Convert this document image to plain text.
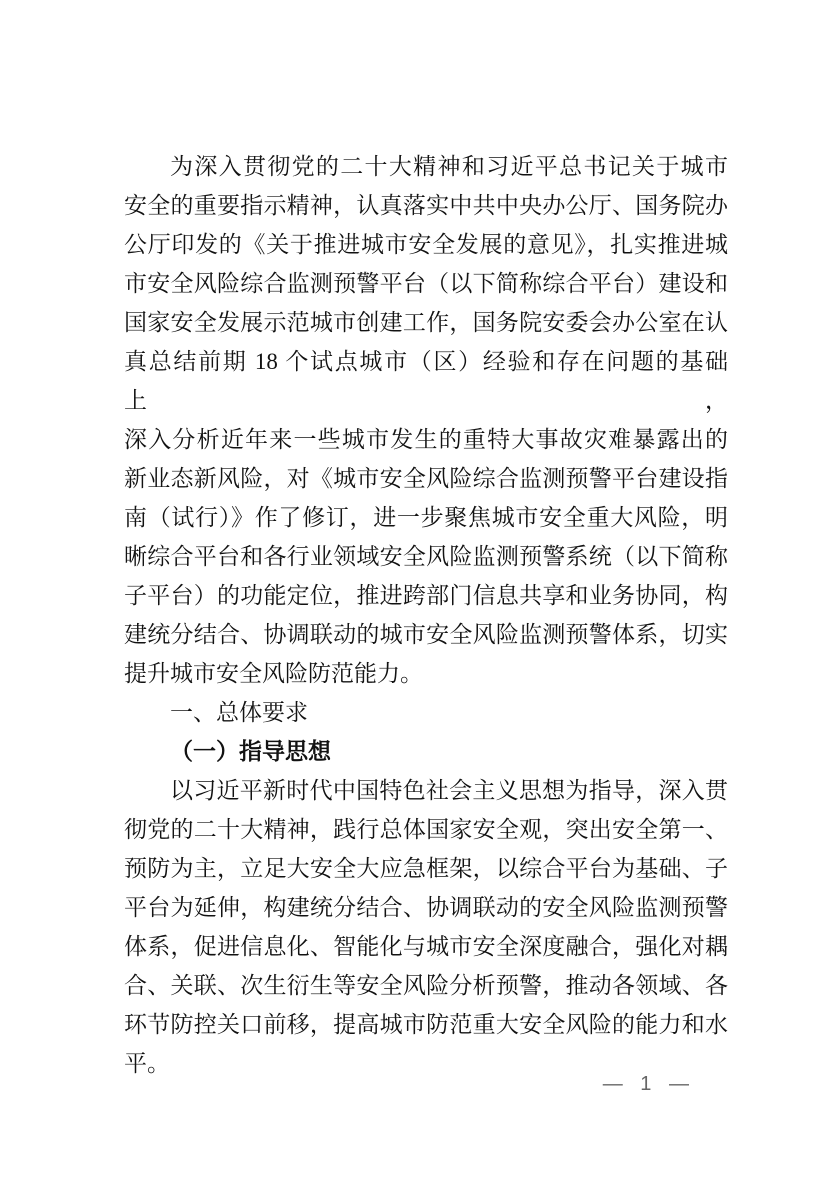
为深入贯彻党的二十大精神和习近平总书记关于城市
安全的重要指示精神，认真落实中共中央办公厅、国务院办
公厅印发的《关于推进城市安全发展的意见》，扎实推进城
市安全风险综合监测预警平台（以下简称综合平台）建设和
国家安全发展示范城市创建工作，国务院安委会办公室在认
真总结前期 18 个试点城市（区）经验和存在问题的基础上，
深入分析近年来一些城市发生的重特大事故灾难暴露出的
新业态新风险，对《城市安全风险综合监测预警平台建设指
南（试行）》作了修订，进一步聚焦城市安全重大风险，明
晰综合平台和各行业领域安全风险监测预警系统（以下简称
子平台）的功能定位，推进跨部门信息共享和业务协同，构
建统分结合、协调联动的城市安全风险监测预警体系，切实
提升城市安全风险防范能力。
一、总体要求
（一）指导思想
以习近平新时代中国特色社会主义思想为指导，深入贯
彻党的二十大精神，践行总体国家安全观，突出安全第一、
预防为主，立足大安全大应急框架，以综合平台为基础、子
平台为延伸，构建统分结合、协调联动的安全风险监测预警
体系，促进信息化、智能化与城市安全深度融合，强化对耦
合、关联、次生衍生等安全风险分析预警，推动各领域、各
环节防控关口前移，提高城市防范重大安全风险的能力和水
平。
— 1 —
